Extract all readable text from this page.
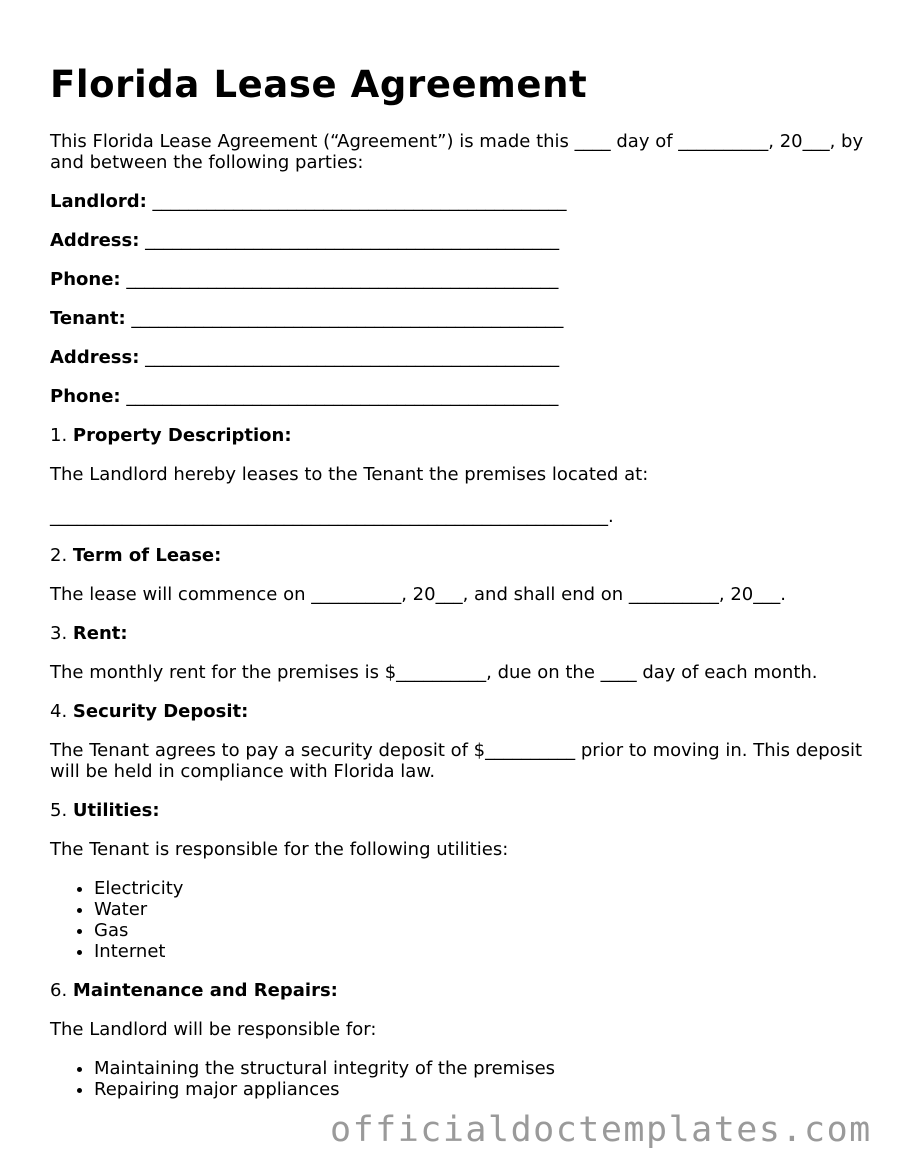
Florida Lease Agreement

This Florida Lease Agreement (“Agreement”) is made this ____ day of __________, 20___, by and between the following parties:

Landlord: ______________________________________________

Address: ______________________________________________

Phone: ________________________________________________

Tenant: ________________________________________________

Address: ______________________________________________

Phone: ________________________________________________

1. Property Description:

The Landlord hereby leases to the Tenant the premises located at:

______________________________________________________________.

2. Term of Lease:

The lease will commence on __________, 20___, and shall end on __________, 20___.

3. Rent:

The monthly rent for the premises is $__________, due on the ____ day of each month.

4. Security Deposit:

The Tenant agrees to pay a security deposit of $__________ prior to moving in. This deposit will be held in compliance with Florida law.

5. Utilities:

The Tenant is responsible for the following utilities:

• Electricity
• Water
• Gas
• Internet

6. Maintenance and Repairs:

The Landlord will be responsible for:

• Maintaining the structural integrity of the premises
• Repairing major appliances
officialdoctemplates.com
